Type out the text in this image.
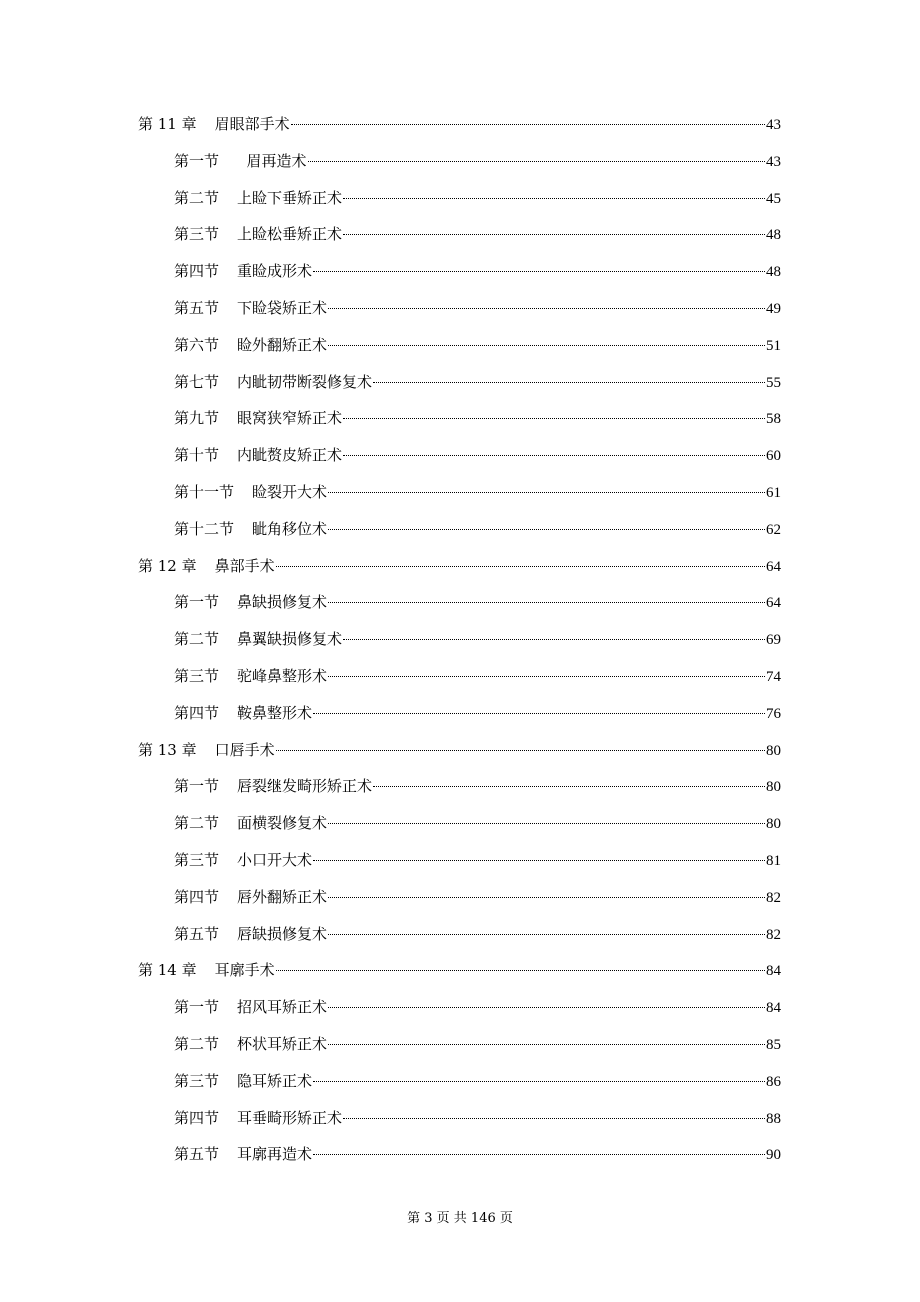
第 11 章 眉眼部手术	43
第一节 眉再造术	43
第二节 上睑下垂矫正术	45
第三节 上睑松垂矫正术	48
第四节 重睑成形术	48
第五节 下睑袋矫正术	49
第六节 睑外翻矫正术	51
第七节 内眦韧带断裂修复术	55
第九节 眼窝狭窄矫正术	58
第十节 内眦赘皮矫正术	60
第十一节 睑裂开大术	61
第十二节 眦角移位术	62
第 12 章 鼻部手术	64
第一节 鼻缺损修复术	64
第二节 鼻翼缺损修复术	69
第三节 驼峰鼻整形术	74
第四节 鞍鼻整形术	76
第 13 章 口唇手术	80
第一节 唇裂继发畸形矫正术	80
第二节 面横裂修复术	80
第三节 小口开大术	81
第四节 唇外翻矫正术	82
第五节 唇缺损修复术	82
第 14 章 耳廓手术	84
第一节 招风耳矫正术	84
第二节 杯状耳矫正术	85
第三节 隐耳矫正术	86
第四节 耳垂畸形矫正术	88
第五节 耳廓再造术	90
第 3 页 共 146 页
